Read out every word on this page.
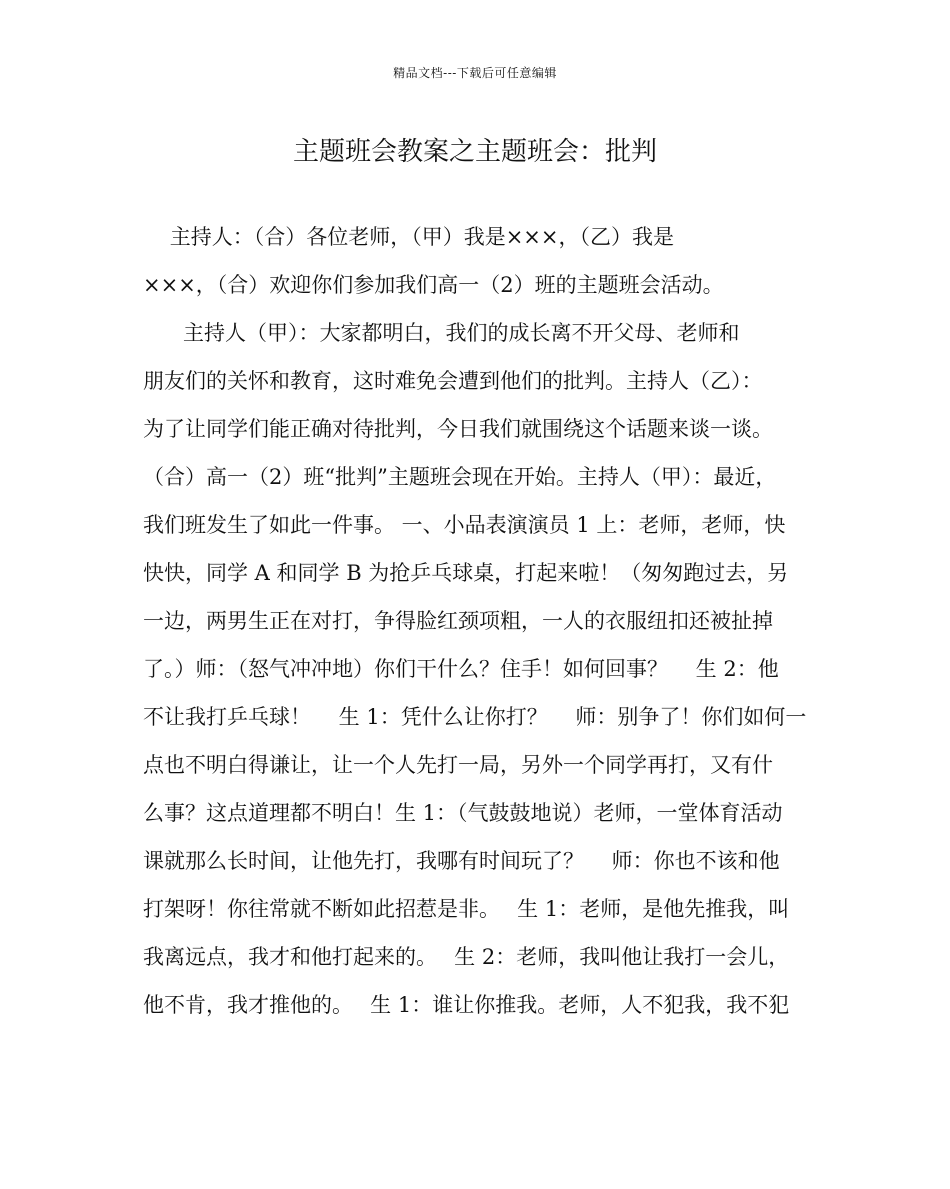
精品文档---下载后可任意编辑
主题班会教案之主题班会：批判
主持人：（合）各位老师，（甲）我是×××，（乙）我是
×××，（合）欢迎你们参加我们高一（2）班的主题班会活动。
主持人（甲）：大家都明白，我们的成长离不开父母、老师和
朋友们的关怀和教育，这时难免会遭到他们的批判。主持人（乙）：
为了让同学们能正确对待批判，今日我们就围绕这个话题来谈一谈。
（合）高一（2）班“批判”主题班会现在开始。主持人（甲）：最近，
我们班发生了如此一件事。 一、小品表演演员 1 上：老师，老师，快
快快，同学 A 和同学 B 为抢乒乓球桌，打起来啦！（匆匆跑过去，另
一边，两男生正在对打，争得脸红颈项粗，一人的衣服纽扣还被扯掉
了。）师：（怒气冲冲地）你们干什么？住手！如何回事？　 生 2：他
不让我打乒乓球！　 生 1：凭什么让你打？　 师：别争了！你们如何一
点也不明白得谦让，让一个人先打一局，另外一个同学再打，又有什
么事？这点道理都不明白！生 1：（气鼓鼓地说）老师，一堂体育活动
课就那么长时间，让他先打，我哪有时间玩了？　 师：你也不该和他
打架呀！你往常就不断如此招惹是非。　 生 1：老师，是他先推我，叫
我离远点，我才和他打起来的。　 生 2：老师，我叫他让我打一会儿，
他不肯，我才推他的。　 生 1：谁让你推我。老师，人不犯我，我不犯
